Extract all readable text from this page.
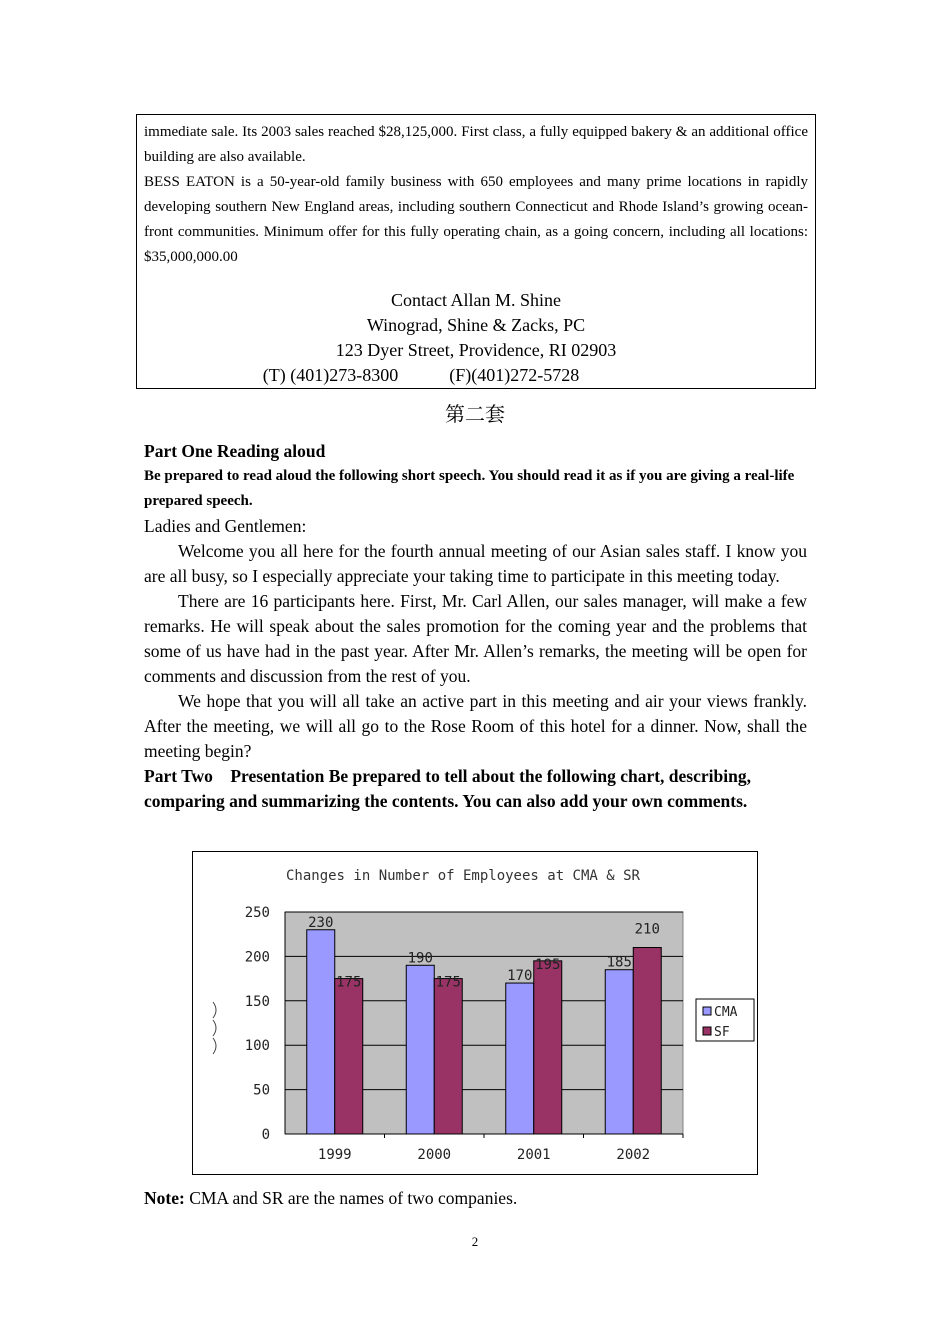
immediate sale. Its 2003 sales reached $28,125,000. First class, a fully equipped bakery & an additional office building are also available.

BESS EATON is a 50-year-old family business with 650 employees and many prime locations in rapidly developing southern New England areas, including southern Connecticut and Rhode Island’s growing ocean-front communities. Minimum offer for this fully operating chain, as a going concern, including all locations: $35,000,000.00

Contact Allan M. Shine
Winograd, Shine & Zacks, PC
123 Dyer Street, Providence, RI 02903
(T) (401)273-8300	(F)(401)272-5728
第二套

Part One Reading aloud

Be prepared to read aloud the following short speech. You should read it as if you are giving a real-life prepared speech.

Ladies and Gentlemen:

Welcome you all here for the fourth annual meeting of our Asian sales staff. I know you are all busy, so I especially appreciate your taking time to participate in this meeting today.

There are 16 participants here. First, Mr. Carl Allen, our sales manager, will make a few remarks. He will speak about the sales promotion for the coming year and the problems that some of us have had in the past year. After Mr. Allen’s remarks, the meeting will be open for comments and discussion from the rest of you.

We hope that you will all take an active part in this meeting and air your views frankly. After the meeting, we will all go to the Rose Room of this hotel for a dinner. Now, shall the meeting begin?

Part Two    Presentation Be prepared to tell about the following chart, describing, comparing and summarizing the contents. You can also add your own comments.

Changes in Number of Employees at CMA & SR
230
175
190
175	170
195	185
210
0
50
100
150
200
250
1999	2000	2001	2002
CMA
SF
Note: CMA and SR are the names of two companies.
2
